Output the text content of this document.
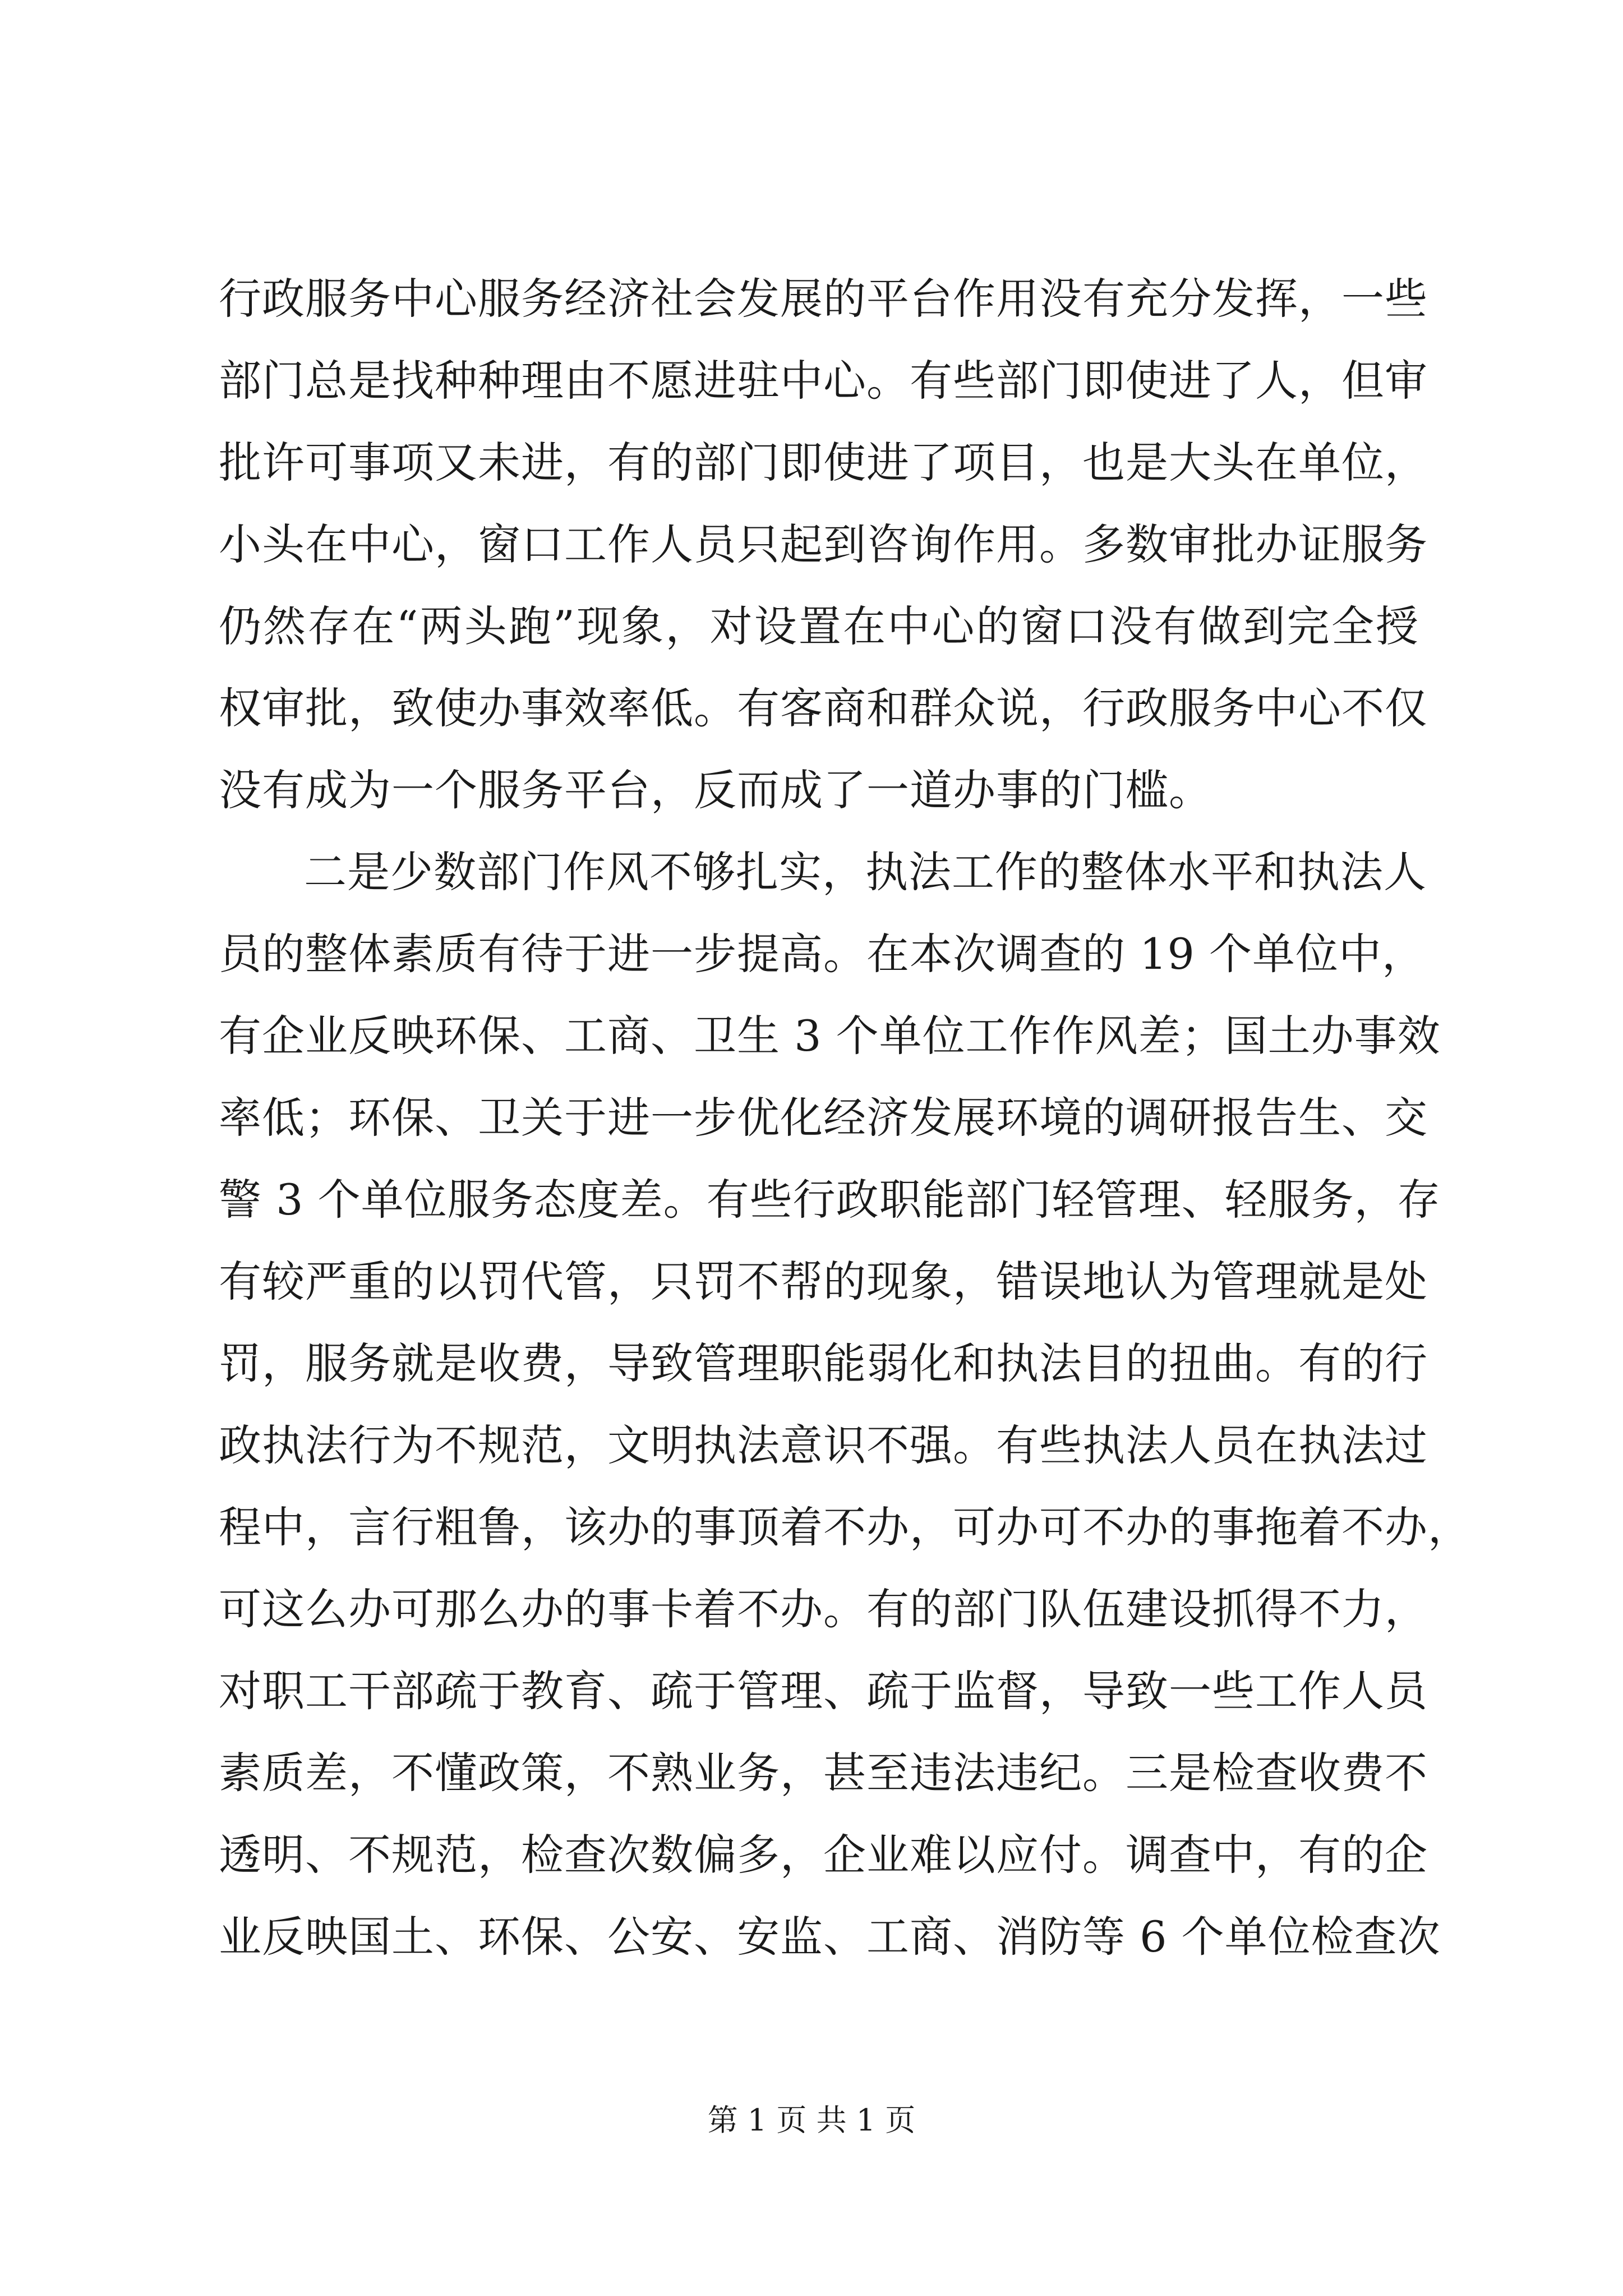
行政服务中心服务经济社会发展的平台作用没有充分发挥，一些
部门总是找种种理由不愿进驻中心。有些部门即使进了人，但审
批许可事项又未进，有的部门即使进了项目，也是大头在单位，
小头在中心，窗口工作人员只起到咨询作用。多数审批办证服务
仍然存在“两头跑”现象，对设置在中心的窗口没有做到完全授
权审批，致使办事效率低。有客商和群众说，行政服务中心不仅
没有成为一个服务平台，反而成了一道办事的门槛。
二是少数部门作风不够扎实，执法工作的整体水平和执法人
员的整体素质有待于进一步提高。在本次调查的 19 个单位中，
有企业反映环保、工商、卫生 3 个单位工作作风差；国土办事效
率低；环保、卫关于进一步优化经济发展环境的调研报告生、交
警 3 个单位服务态度差。有些行政职能部门轻管理、轻服务，存
有较严重的以罚代管，只罚不帮的现象，错误地认为管理就是处
罚，服务就是收费，导致管理职能弱化和执法目的扭曲。有的行
政执法行为不规范，文明执法意识不强。有些执法人员在执法过
程中，言行粗鲁，该办的事顶着不办，可办可不办的事拖着不办，
可这么办可那么办的事卡着不办。有的部门队伍建设抓得不力，
对职工干部疏于教育、疏于管理、疏于监督，导致一些工作人员
素质差，不懂政策，不熟业务，甚至违法违纪。三是检查收费不
透明、不规范，检查次数偏多，企业难以应付。调查中，有的企
业反映国土、环保、公安、安监、工商、消防等 6 个单位检查次
第 1 页 共 1 页
